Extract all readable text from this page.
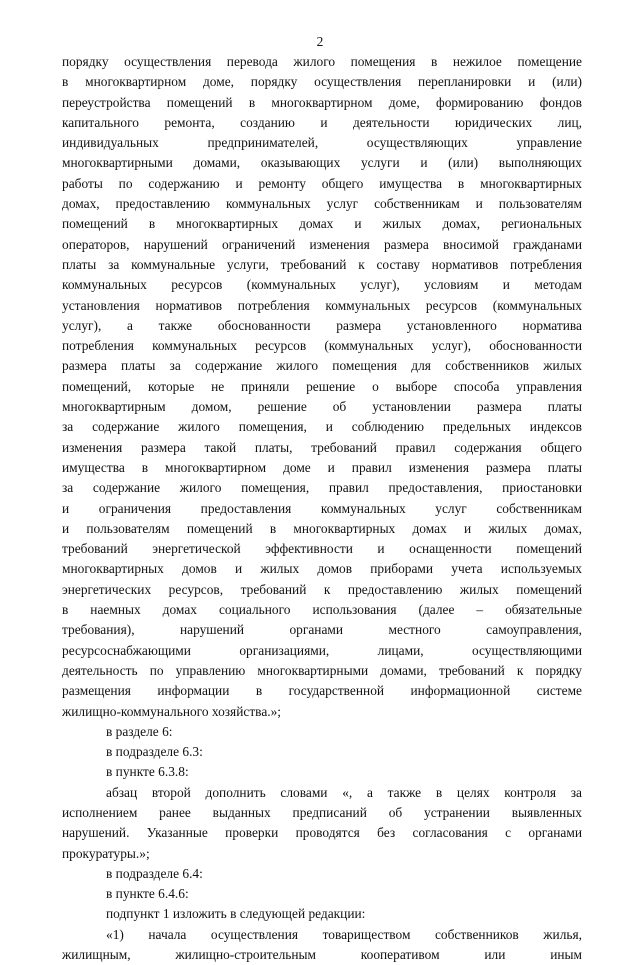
2
порядку осуществления перевода жилого помещения в нежилое помещение
в многоквартирном доме, порядку осуществления перепланировки и (или)
переустройства помещений в многоквартирном доме, формированию фондов
капитального ремонта, созданию и деятельности юридических лиц,
индивидуальных предпринимателей, осуществляющих управление
многоквартирными домами, оказывающих услуги и (или) выполняющих
работы по содержанию и ремонту общего имущества в многоквартирных
домах, предоставлению коммунальных услуг собственникам и пользователям
помещений в многоквартирных домах и жилых домах, региональных
операторов, нарушений ограничений изменения размера вносимой гражданами
платы за коммунальные услуги, требований к составу нормативов потребления
коммунальных ресурсов (коммунальных услуг), условиям и методам
установления нормативов потребления коммунальных ресурсов (коммунальных
услуг), а также обоснованности размера установленного норматива
потребления коммунальных ресурсов (коммунальных услуг), обоснованности
размера платы за содержание жилого помещения для собственников жилых
помещений, которые не приняли решение о выборе способа управления
многоквартирным домом, решение об установлении размера платы
за содержание жилого помещения, и соблюдению предельных индексов
изменения размера такой платы, требований правил содержания общего
имущества в многоквартирном доме и правил изменения размера платы
за содержание жилого помещения, правил предоставления, приостановки
и ограничения предоставления коммунальных услуг собственникам
и пользователям помещений в многоквартирных домах и жилых домах,
требований энергетической эффективности и оснащенности помещений
многоквартирных домов и жилых домов приборами учета используемых
энергетических ресурсов, требований к предоставлению жилых помещений
в наемных домах социального использования (далее – обязательные
требования), нарушений органами местного самоуправления,
ресурсоснабжающими организациями, лицами, осуществляющими
деятельность по управлению многоквартирными домами, требований к порядку
размещения информации в государственной информационной системе
жилищно-коммунального хозяйства.»;
в разделе 6:
в подразделе 6.3:
в пункте 6.3.8:
абзац второй дополнить словами «, а также в целях контроля за
исполнением ранее выданных предписаний об устранении выявленных
нарушений. Указанные проверки проводятся без согласования с органами
прокуратуры.»;
в подразделе 6.4:
в пункте 6.4.6:
подпункт 1 изложить в следующей редакции:
«1) начала осуществления товариществом собственников жилья,
жилищным, жилищно-строительным кооперативом или иным
